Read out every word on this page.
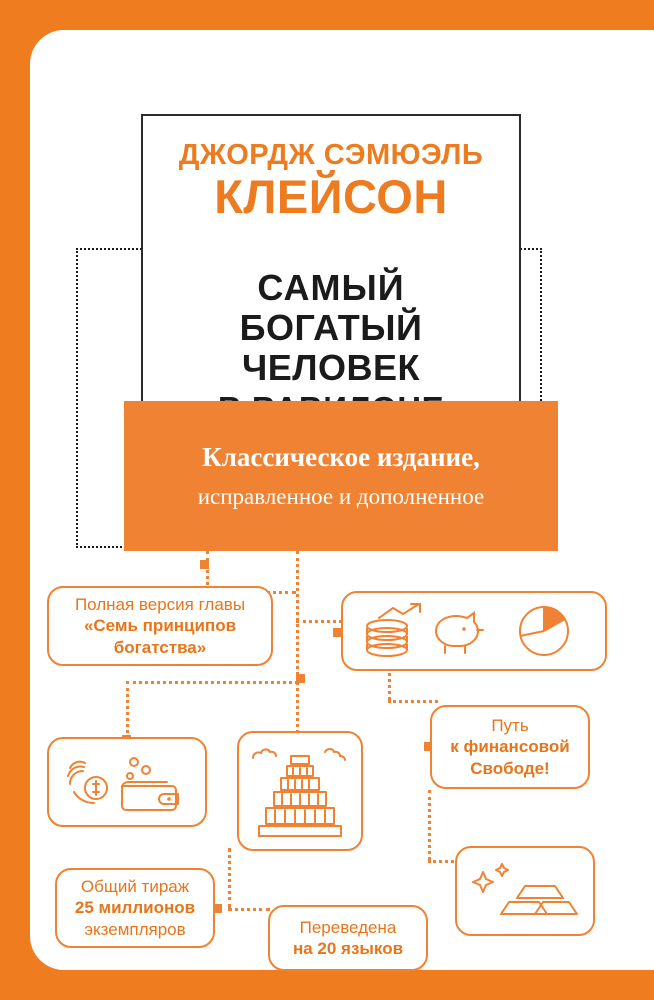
ДЖОРДЖ СЭМЮЭЛЬ
КЛЕЙСОН
САМЫЙ
БОГАТЫЙ ЧЕЛОВЕК
Классическое издание,
исправленное и дополненное
Полная версия главы
«Семь принципов
богатства»
Путь
к финансовой
Свободе!
Общий тираж
25 миллионов
экземпляров	Переведена
на 20 языков
